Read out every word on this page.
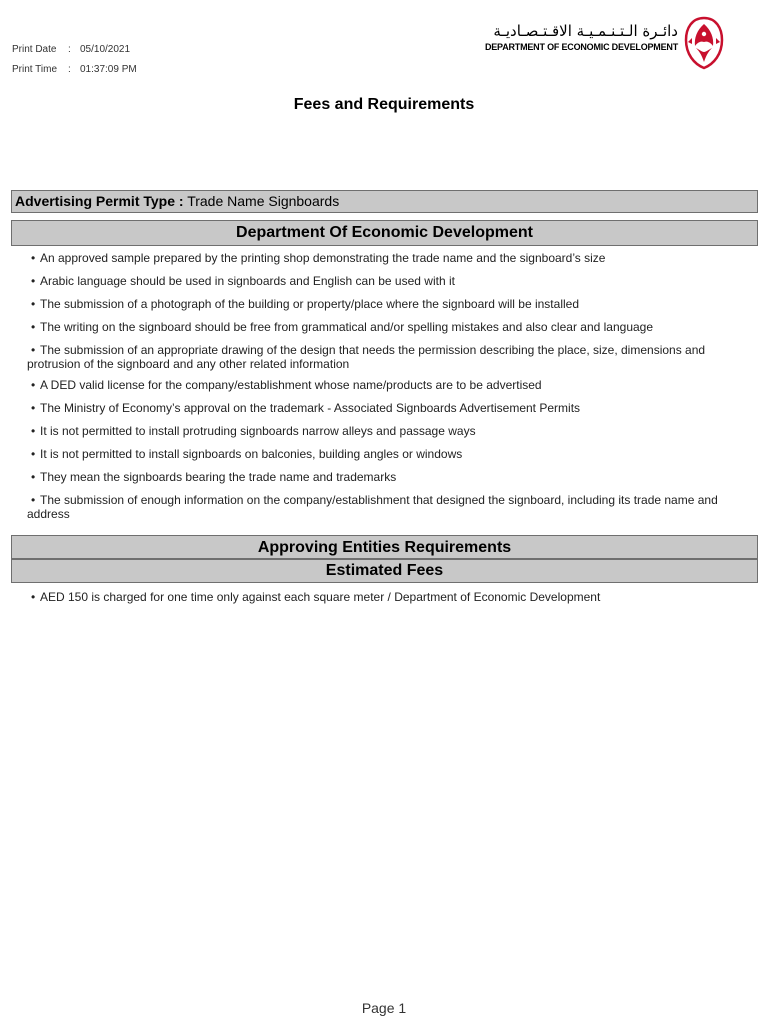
Print Date : 05/10/2021
Print Time : 01:37:09 PM
دائـرة الـتـنـمـيـة الاقـتـصـاديـة
DEPARTMENT OF ECONOMIC DEVELOPMENT
Fees and Requirements
Advertising Permit Type : Trade Name Signboards
Department Of Economic Development

• An approved sample prepared by the printing shop demonstrating the trade name and the signboard’s size

• Arabic language should be used in signboards and English can be used with it

• The submission of a photograph of the building or property/place where the signboard will be installed

• The writing on the signboard should be free from grammatical and/or spelling mistakes and also clear and language

• The submission of an appropriate drawing of the design that needs the permission describing the place, size, dimensions and protrusion of the signboard and any other related information

• A DED valid license for the company/establishment whose name/products are to be advertised

• The Ministry of Economy’s approval on the trademark - Associated Signboards Advertisement Permits

• It is not permitted to install protruding signboards narrow alleys and passage ways

• It is not permitted to install signboards on balconies, building angles or windows

• They mean the signboards bearing the trade name and trademarks

• The submission of enough information on the company/establishment that designed the signboard, including its trade name and address

Approving Entities Requirements
Estimated Fees

• AED 150 is charged for one time only against each square meter / Department of Economic Development

Page 1
